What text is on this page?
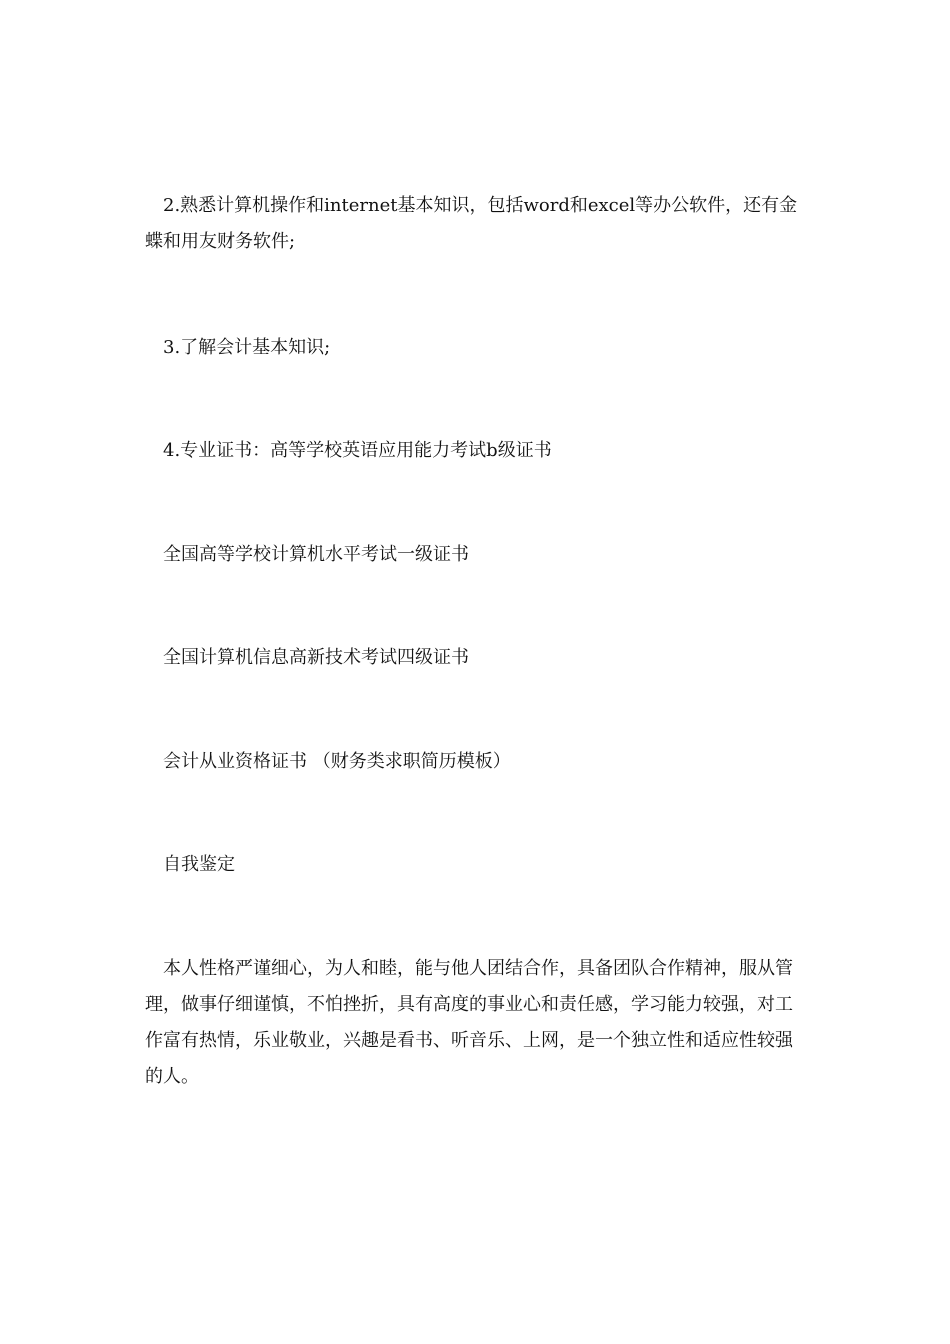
2.熟悉计算机操作和internet基本知识，包括word和excel等办公软件，还有金蝶和用友财务软件;

3.了解会计基本知识;

4.专业证书：高等学校英语应用能力考试b级证书

全国高等学校计算机水平考试一级证书

全国计算机信息高新技术考试四级证书

会计从业资格证书 （财务类求职简历模板）

自我鉴定

本人性格严谨细心，为人和睦，能与他人团结合作，具备团队合作精神，服从管理，做事仔细谨慎，不怕挫折，具有高度的事业心和责任感，学习能力较强，对工作富有热情，乐业敬业，兴趣是看书、听音乐、上网，是一个独立性和适应性较强的人。
